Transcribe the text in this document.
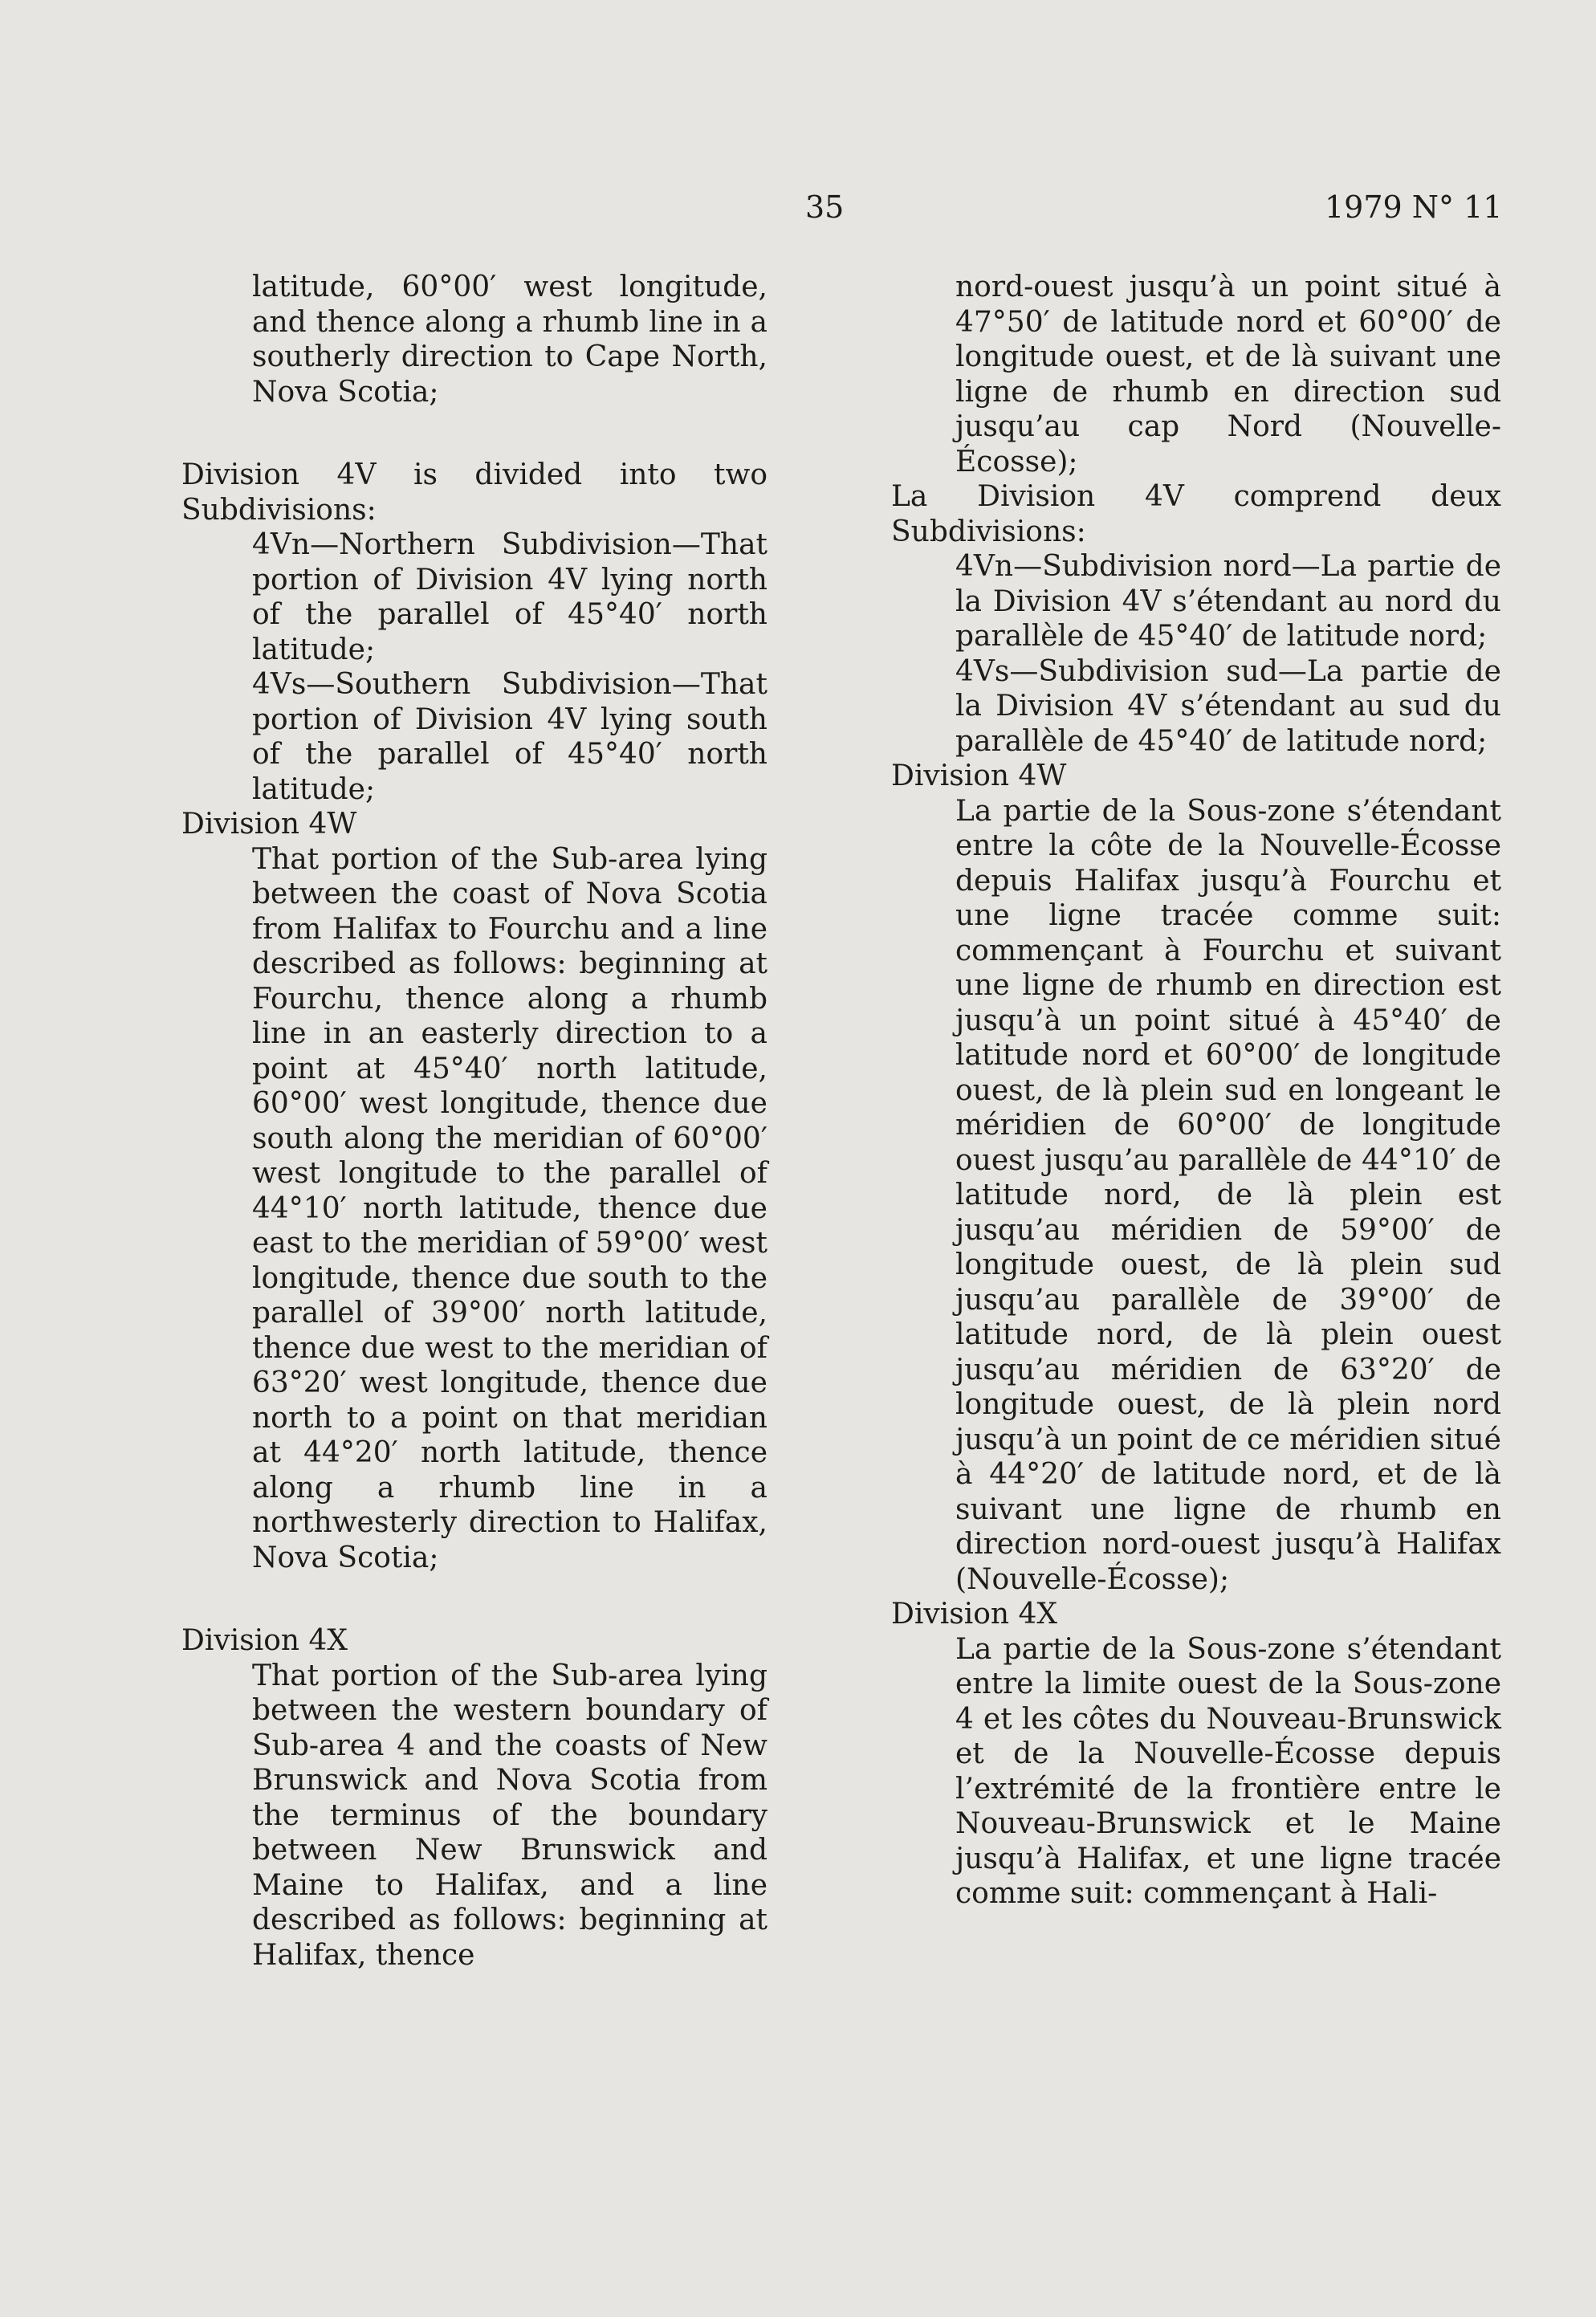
35	1979 N° 11

latitude, 60°00′ west longitude, and thence along a rhumb line in a southerly direction to Cape North, Nova Scotia;

Division 4V is divided into two Subdivisions:

4Vn—Northern Subdivision—That portion of Division 4V lying north of the parallel of 45°40′ north latitude;

4Vs—Southern Subdivision—That portion of Division 4V lying south of the parallel of 45°40′ north latitude;

Division 4W

That portion of the Sub-area lying between the coast of Nova Scotia from Halifax to Fourchu and a line described as follows: beginning at Fourchu, thence along a rhumb line in an easterly direction to a point at 45°40′ north latitude, 60°00′ west longitude, thence due south along the meridian of 60°00′ west longitude to the parallel of 44°10′ north latitude, thence due east to the meridian of 59°00′ west longitude, thence due south to the parallel of 39°00′ north latitude, thence due west to the meridian of 63°20′ west longitude, thence due north to a point on that meridian at 44°20′ north latitude, thence along a rhumb line in a northwesterly direction to Halifax, Nova Scotia;

Division 4X

That portion of the Sub-area lying between the western boundary of Sub-area 4 and the coasts of New Brunswick and Nova Scotia from the terminus of the boundary between New Brunswick and Maine to Halifax, and a line described as follows: beginning at Halifax, thence

nord-ouest jusqu’à un point situé à 47°50′ de latitude nord et 60°00′ de longitude ouest, et de là suivant une ligne de rhumb en direction sud jusqu’au cap Nord (Nouvelle-Écosse);

La Division 4V comprend deux Subdivisions:

4Vn—Subdivision nord—La partie de la Division 4V s’étendant au nord du parallèle de 45°40′ de latitude nord;

4Vs—Subdivision sud—La partie de la Division 4V s’étendant au sud du parallèle de 45°40′ de latitude nord;

Division 4W

La partie de la Sous-zone s’étendant entre la côte de la Nouvelle-Écosse depuis Halifax jusqu’à Fourchu et une ligne tracée comme suit: commençant à Fourchu et suivant une ligne de rhumb en direction est jusqu’à un point situé à 45°40′ de latitude nord et 60°00′ de longitude ouest, de là plein sud en longeant le méridien de 60°00′ de longitude ouest jusqu’au parallèle de 44°10′ de latitude nord, de là plein est jusqu’au méridien de 59°00′ de longitude ouest, de là plein sud jusqu’au parallèle de 39°00′ de latitude nord, de là plein ouest jusqu’au méridien de 63°20′ de longitude ouest, de là plein nord jusqu’à un point de ce méridien situé à 44°20′ de latitude nord, et de là suivant une ligne de rhumb en direction nord-ouest jusqu’à Halifax (Nouvelle-Écosse);

Division 4X

La partie de la Sous-zone s’étendant entre la limite ouest de la Sous-zone 4 et les côtes du Nouveau-Brunswick et de la Nouvelle-Écosse depuis l’extrémité de la frontière entre le Nouveau-Brunswick et le Maine jusqu’à Halifax, et une ligne tracée comme suit: commençant à Hali-
